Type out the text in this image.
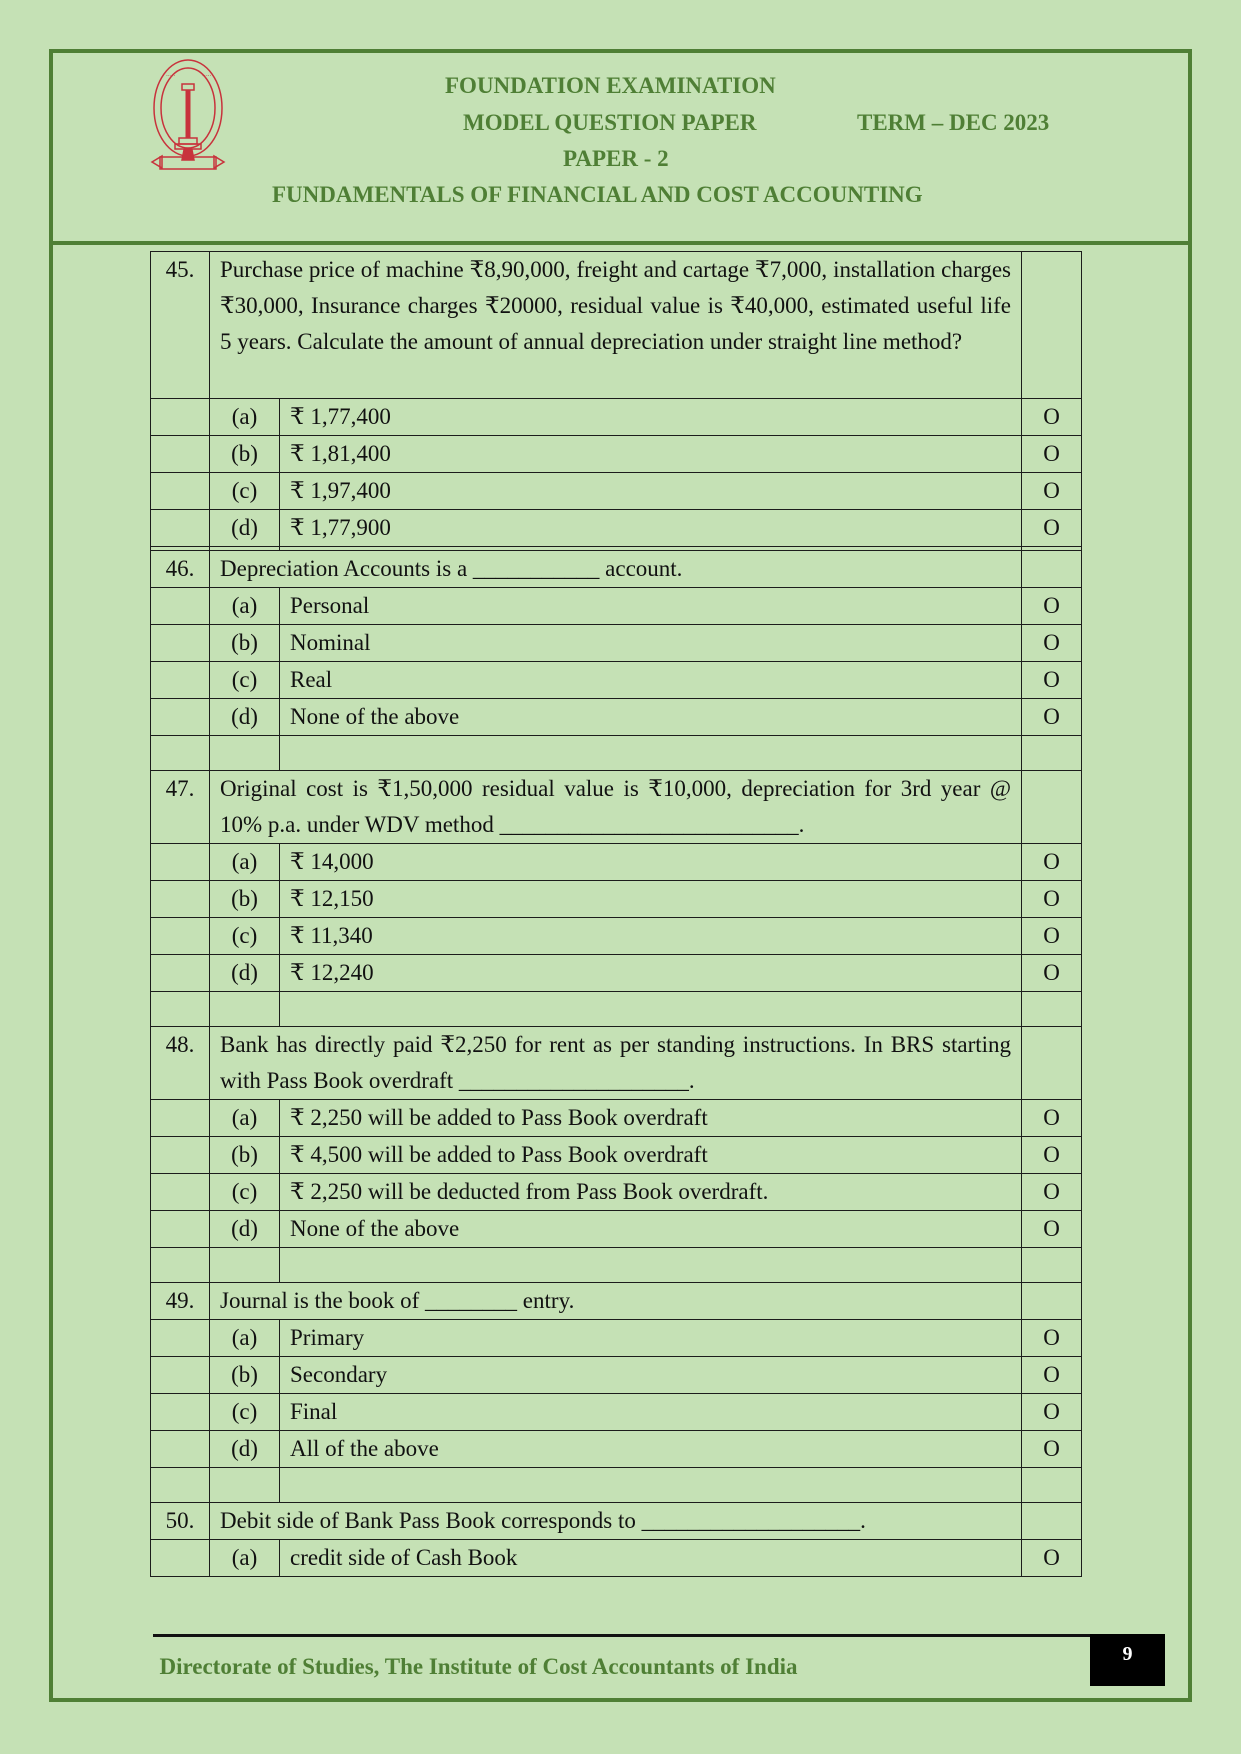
·····	·····	FOUNDATION EXAMINATION
MODEL QUESTION PAPER	TERM – DEC 2023
PAPER - 2
FUNDAMENTALS OF FINANCIAL AND COST ACCOUNTING
45.	Purchase price of machine ₹8,90,000, freight and cartage ₹7,000, installation charges ₹30,000, Insurance charges ₹20000, residual value is ₹40,000, estimated useful life 5 years. Calculate the amount of annual depreciation under straight line method?		
	(a)	₹ 1,77,400	O
	(b)	₹ 1,81,400	O
	(c)	₹ 1,97,400	O
	(d)	₹ 1,77,900	O

46.	Depreciation Accounts is a ___________ account.		
	(a)	Personal	O
	(b)	Nominal	O
	(c)	Real	O
	(d)	None of the above	O

47.	Original cost is ₹1,50,000 residual value is ₹10,000, depreciation for 3rd year @ 10% p.a. under WDV method __________________________.		
	(a)	₹ 14,000	O
	(b)	₹ 12,150	O
	(c)	₹ 11,340	O
	(d)	₹ 12,240	O

48.	Bank has directly paid ₹2,250 for rent as per standing instructions. In BRS starting with Pass Book overdraft ____________________.		
	(a)	₹ 2,250 will be added to Pass Book overdraft	O
	(b)	₹ 4,500 will be added to Pass Book overdraft	O
	(c)	₹ 2,250 will be deducted from Pass Book overdraft.	O
	(d)	None of the above	O

49.	Journal is the book of ________ entry.		
	(a)	Primary	O
	(b)	Secondary	O
	(c)	Final	O
	(d)	All of the above	O

50.	Debit side of Bank Pass Book corresponds to ___________________.		
	(a)	credit side of Cash Book	O
Directorate of Studies, The Institute of Cost Accountants of India	9
